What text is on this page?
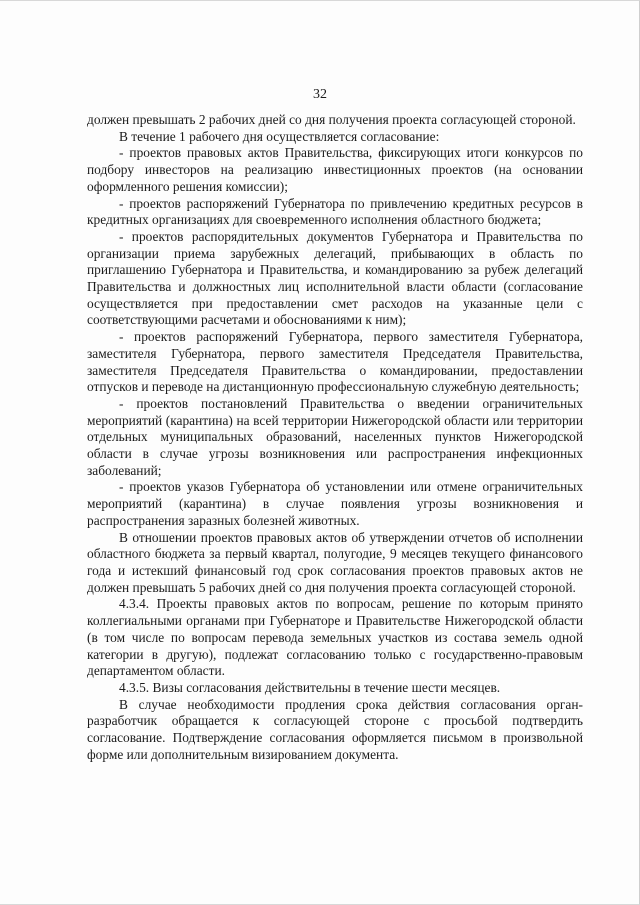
32

должен превышать 2 рабочих дней со дня получения проекта согласующей стороной.

В течение 1 рабочего дня осуществляется согласование:

- проектов правовых актов Правительства, фиксирующих итоги конкурсов по подбору инвесторов на реализацию инвестиционных проектов (на основании оформленного решения комиссии);

- проектов распоряжений Губернатора по привлечению кредитных ресурсов в кредитных организациях для своевременного исполнения областного бюджета;

- проектов распорядительных документов Губернатора и Правительства по организации приема зарубежных делегаций, прибывающих в область по приглашению Губернатора и Правительства, и командированию за рубеж делегаций Правительства и должностных лиц исполнительной власти области (согласование осуществляется при предоставлении смет расходов на указанные цели с соответствующими расчетами и обоснованиями к ним);

- проектов распоряжений Губернатора, первого заместителя Губернатора, заместителя Губернатора, первого заместителя Председателя Правительства, заместителя Председателя Правительства о командировании, предоставлении отпусков и переводе на дистанционную профессиональную служебную деятельность;

- проектов постановлений Правительства о введении ограничительных мероприятий (карантина) на всей территории Нижегородской области или территории отдельных муниципальных образований, населенных пунктов Нижегородской области в случае угрозы возникновения или распространения инфекционных заболеваний;

- проектов указов Губернатора об установлении или отмене ограничительных мероприятий (карантина) в случае появления угрозы возникновения и распространения заразных болезней животных.

В отношении проектов правовых актов об утверждении отчетов об исполнении областного бюджета за первый квартал, полугодие, 9 месяцев текущего финансового года и истекший финансовый год срок согласования проектов правовых актов не должен превышать 5 рабочих дней со дня получения проекта согласующей стороной.

4.3.4. Проекты правовых актов по вопросам, решение по которым принято коллегиальными органами при Губернаторе и Правительстве Нижегородской области (в том числе по вопросам перевода земельных участков из состава земель одной категории в другую), подлежат согласованию только с государственно-правовым департаментом области.

4.3.5. Визы согласования действительны в течение шести месяцев.

В случае необходимости продления срока действия согласования орган-разработчик обращается к согласующей стороне с просьбой подтвердить согласование. Подтверждение согласования оформляется письмом в произвольной форме или дополнительным визированием документа.
